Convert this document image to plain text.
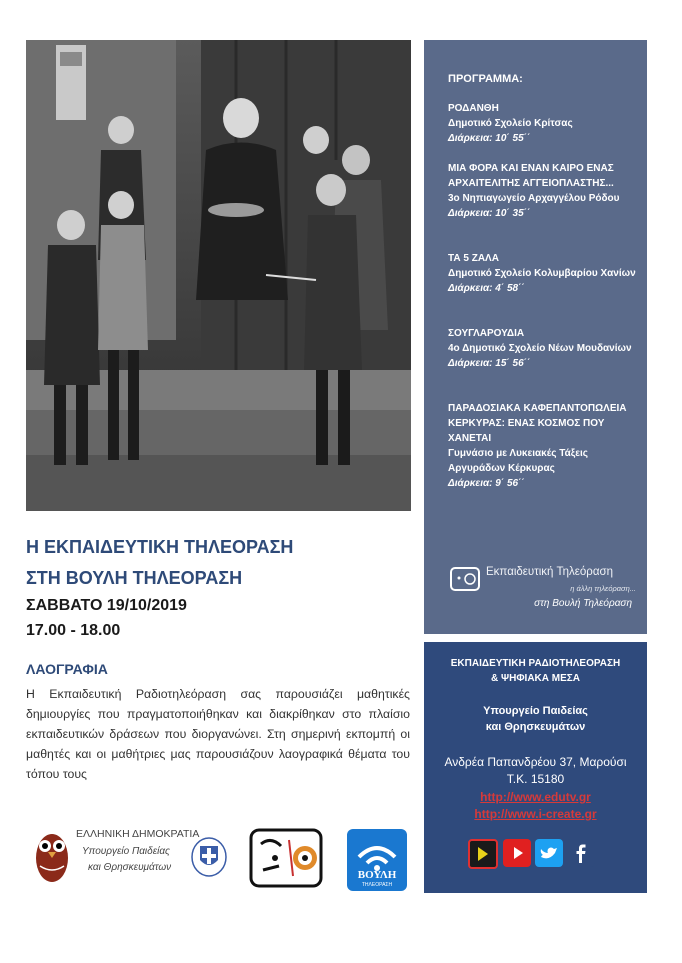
Η ΕΚΠΑΙΔΕΥΤΙΚΗ ΤΗΛΕΟΡΑΣΗ
ΣΤΗ ΒΟΥΛΗ ΤΗΛΕΟΡΑΣΗ
ΣΑΒΒΑΤΟ 19/10/2019
17.00 - 18.00
ΛΑΟΓΡΑΦΙΑ
Η Εκπαιδευτική Ραδιοτηλεόραση σας παρουσιάζει μαθητικές δημιουργίες που πραγματοποιήθηκαν και διακρίθηκαν στο πλαίσιο εκπαιδευτικών δράσεων που διοργανώνει. Στη σημερινή εκπομπή οι μαθητές και οι μαθήτριες μας παρουσιάζουν λαογραφικά θέματα του τόπου τους
ΕΛΛΗΝΙΚΗ ΔΗΜΟΚΡΑΤΙΑ
Υπουργείο Παιδείας
και Θρησκευμάτων
ΒΟΥΛΗ
ΤΗΛΕΟΡΑΣΗ
ΠΡΟΓΡΑΜΜΑ:
ΡΟΔΑΝΘΗ
Δημοτικό Σχολείο Κρίτσας
Διάρκεια: 10΄ 55΄΄
ΜΙΑ ΦΟΡΑ ΚΑΙ ΕΝΑΝ ΚΑΙΡΟ ΕΝΑΣ ΑΡΧΑΙΤΕΛΙΤΗΣ ΑΓΓΕΙΟΠΛΑΣΤΗΣ...
3ο Νηπιαγωγείο Αρχαγγέλου Ρόδου
Διάρκεια: 10΄ 35΄΄
ΤΑ 5 ΖΑΛΑ
Δημοτικό Σχολείο Κολυμβαρίου Χανίων
Διάρκεια: 4΄ 58΄΄
ΣΟΥΓΛΑΡΟΥΔΙΑ
4ο Δημοτικό Σχολείο Νέων Μουδανίων
Διάρκεια: 15΄ 56΄΄
ΠΑΡΑΔΟΣΙΑΚΑ ΚΑΦΕΠΑΝΤΟΠΩΛΕΙΑ ΚΕΡΚΥΡΑΣ: ΕΝΑΣ ΚΟΣΜΟΣ ΠΟΥ ΧΑΝΕΤΑΙ
Γυμνάσιο με Λυκειακές Τάξεις Αργυράδων Κέρκυρας
Διάρκεια: 9΄ 56΄΄
Εκπαιδευτική Τηλεόραση
η άλλη τηλεόραση...
στη Βουλή Τηλεόραση
ΕΚΠΑΙΔΕΥΤΙΚΗ ΡΑΔΙΟΤΗΛΕΟΡΑΣΗ
& ΨΗΦΙΑΚΑ ΜΕΣΑ
Υπουργείο Παιδείας
και Θρησκευμάτων
Ανδρέα Παπανδρέου 37, Μαρούσι
Τ.Κ. 15180
http://www.edutv.gr
http://www.i-create.gr
